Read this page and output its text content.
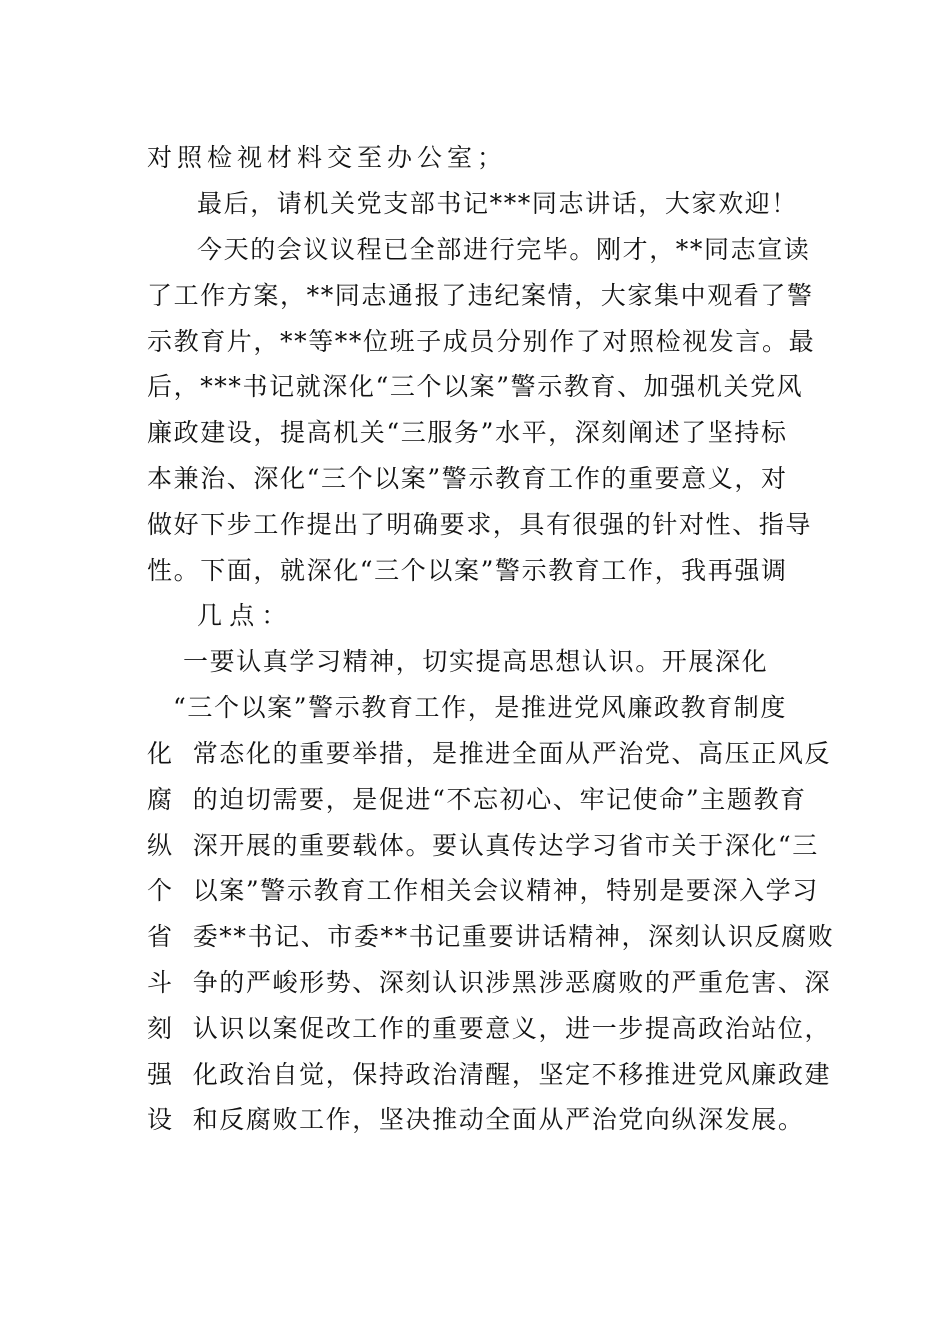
对照检视材料交至办公室；
最后，请机关党支部书记***同志讲话，大家欢迎！
今天的会议议程已全部进行完毕。刚才，**同志宣读
了工作方案，**同志通报了违纪案情，大家集中观看了警
示教育片，**等**位班子成员分别作了对照检视发言。最
后，***书记就深化“三个以案”警示教育、加强机关党风
廉政建设，提高机关“三服务”水平，深刻阐述了坚持标
本兼治、深化“三个以案”警示教育工作的重要意义，对
做好下步工作提出了明确要求，具有很强的针对性、指导
性。下面，就深化“三个以案”警示教育工作，我再强调
几点：
一要认真学习精神，切实提高思想认识。开展深化
“三个以案”警示教育工作，是推进党风廉政教育制度
化  常态化的重要举措，是推进全面从严治党、高压正风反
腐  的迫切需要，是促进“不忘初心、牢记使命”主题教育
纵  深开展的重要载体。要认真传达学习省市关于深化“三
个  以案”警示教育工作相关会议精神，特别是要深入学习
省  委**书记、市委**书记重要讲话精神，深刻认识反腐败
斗  争的严峻形势、深刻认识涉黑涉恶腐败的严重危害、深
刻  认识以案促改工作的重要意义，进一步提高政治站位，
强  化政治自觉，保持政治清醒，坚定不移推进党风廉政建
设  和反腐败工作，坚决推动全面从严治党向纵深发展。
